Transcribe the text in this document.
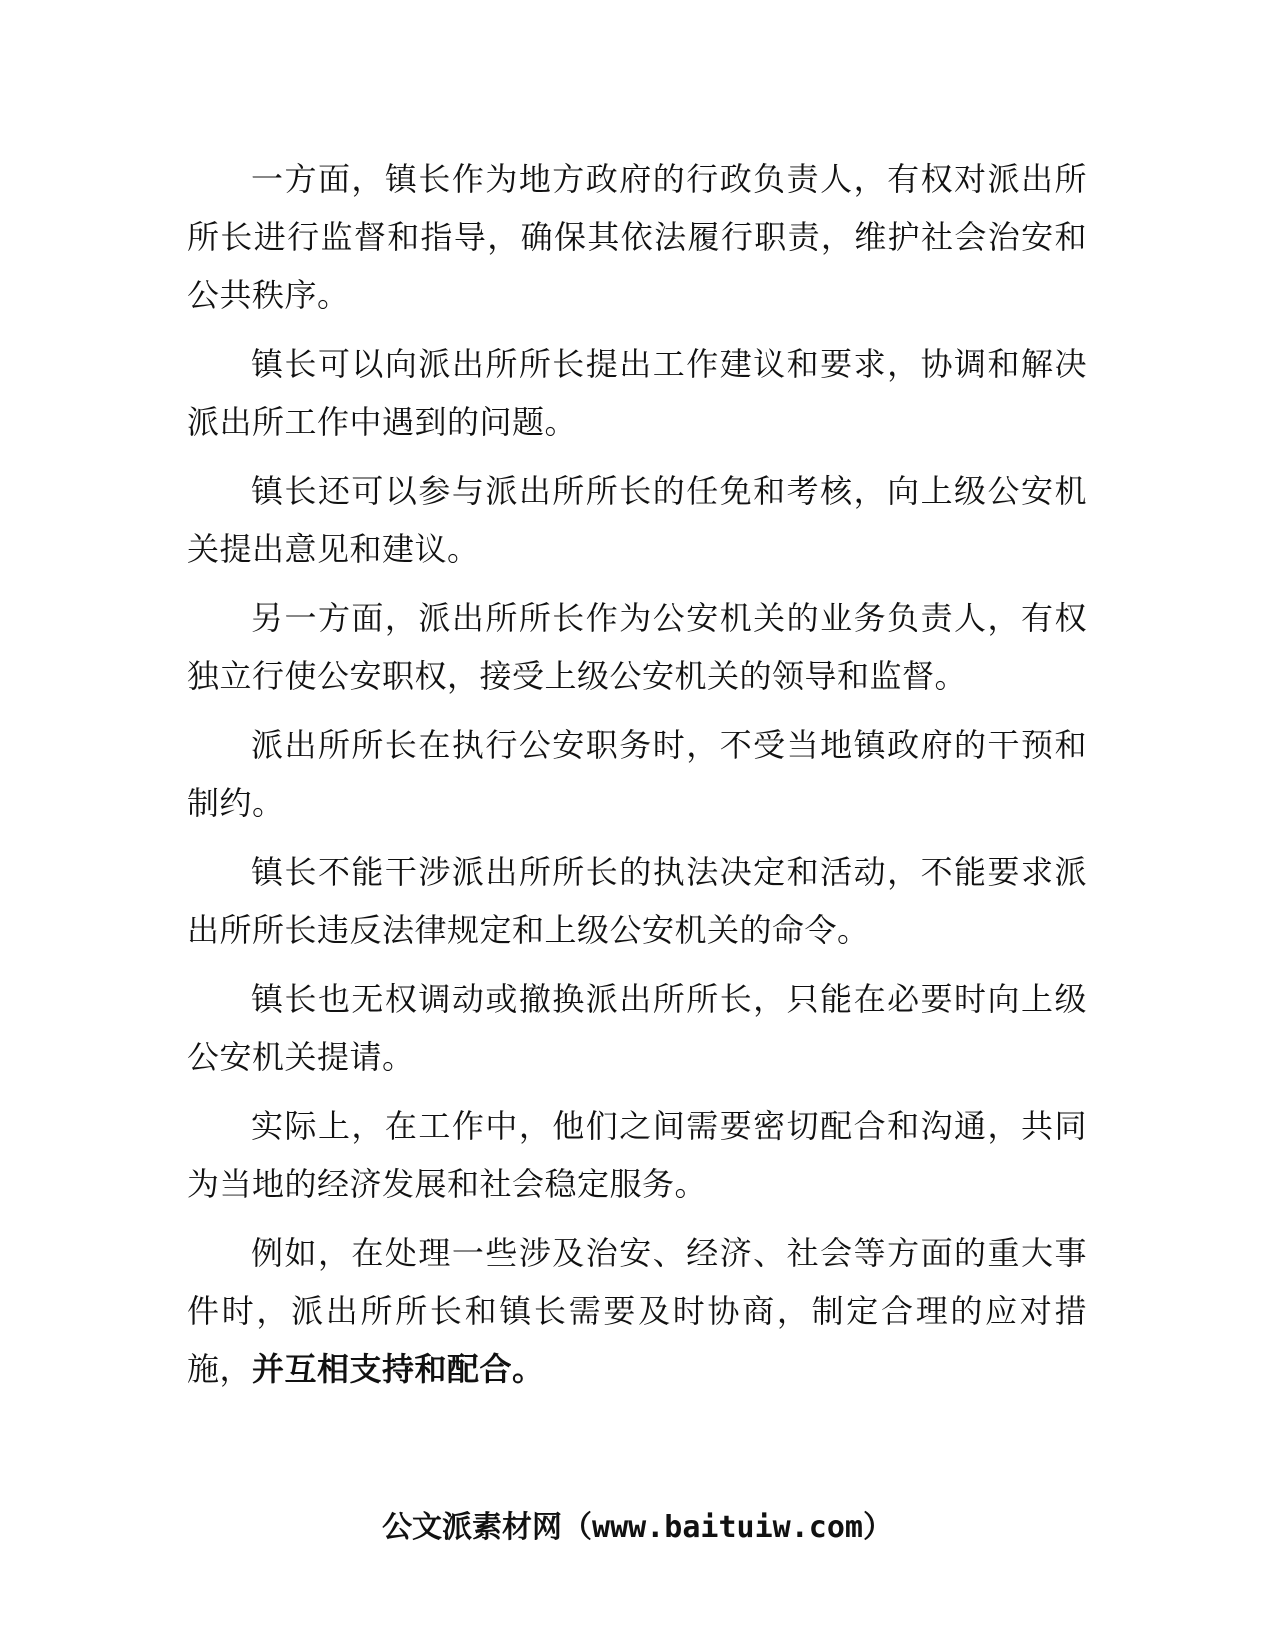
一方面，镇长作为地方政府的行政负责人，有权对派出所所长进行监督和指导，确保其依法履行职责，维护社会治安和公共秩序。

镇长可以向派出所所长提出工作建议和要求，协调和解决派出所工作中遇到的问题。

镇长还可以参与派出所所长的任免和考核，向上级公安机关提出意见和建议。

另一方面，派出所所长作为公安机关的业务负责人，有权独立行使公安职权，接受上级公安机关的领导和监督。

派出所所长在执行公安职务时，不受当地镇政府的干预和制约。

镇长不能干涉派出所所长的执法决定和活动，不能要求派出所所长违反法律规定和上级公安机关的命令。

镇长也无权调动或撤换派出所所长，只能在必要时向上级公安机关提请。

实际上，在工作中，他们之间需要密切配合和沟通，共同为当地的经济发展和社会稳定服务。

例如，在处理一些涉及治安、经济、社会等方面的重大事件时，派出所所长和镇长需要及时协商，制定合理的应对措施，并互相支持和配合。

公文派素材网（www.baituiw.com）
